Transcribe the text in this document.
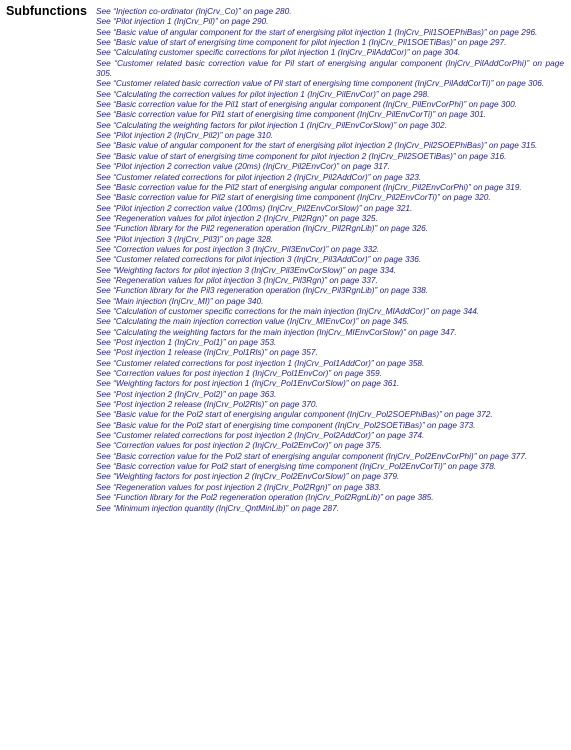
Subfunctions See “Injection co-ordinator (InjCrv_Co)” on page 280.
See “Pilot injection 1 (InjCrv_Pil)” on page 290.
See “Basic value of angular component for the start of energising pilot injection 1 (InjCrv_Pil1SOEPhiBas)” on page 296.
See “Basic value of start of energising time component for pilot injection 1 (InjCrv_Pil1SOETiBas)” on page 297.
See “Calculating customer specific corrections for pilot injection 1 (InjCrv_PilAddCor)” on page 304.
See “Customer related basic correction value for Pil start of energising angular component (InjCrv_PilAddCorPhi)” on page 305.
See “Customer related basic correction value of Pil start of energising time component (InjCrv_PilAddCorTi)” on page 306.
See “Calculating the correction values for pilot injection 1 (InjCrv_PilEnvCor)” on page 298.
See “Basic correction value for the Pil1 start of energising angular component (InjCrv_PilEnvCorPhi)” on page 300.
See “Basic correction value for Pil1 start of energising time component (InjCrv_PilEnvCorTi)” on page 301.
See “Calculating the weighting factors for pilot injection 1 (InjCrv_PilEnvCorSlow)” on page 302.
See “Pilot injection 2 (InjCrv_Pil2)” on page 310.
See “Basic value of angular component for the start of energising pilot injection 2 (InjCrv_Pil2SOEPhiBas)” on page 315.
See “Basic value of start of energising time component for pilot injection 2 (InjCrv_Pil2SOETiBas)” on page 316.
See “Pilot injection 2 correction value (20ms) (InjCrv_Pil2EnvCor)” on page 317.
See “Customer related corrections for pilot injection 2 (InjCrv_Pil2AddCor)” on page 323.
See “Basic correction value for the Pil2 start of energising angular component (InjCrv_Pil2EnvCorPhi)” on page 319.
See “Basic correction value for Pil2 start of energising time component (InjCrv_Pil2EnvCorTi)” on page 320.
See “Pilot injection 2 correction value (100ms) (InjCrv_Pil2EnvCorSlow)” on page 321.
See “Regeneration values for pilot injection 2 (InjCrv_Pil2Rgn)” on page 325.
See “Function library for the Pil2 regeneration operation (InjCrv_Pil2RgnLib)” on page 326.
See “Pilot injection 3 (InjCrv_Pil3)” on page 328.
See “Correction values for post injection 3 (InjCrv_Pil3EnvCor)” on page 332.
See “Customer related corrections for pilot injection 3 (InjCrv_Pil3AddCor)” on page 336.
See “Weighting factors for pilot injection 3 (InjCrv_Pil3EnvCorSlow)” on page 334.
See “Regeneration values for pilot injection 3 (InjCrv_Pil3Rgn)” on page 337.
See “Function library for the Pil3 regeneration operation (InjCrv_Pil3RgnLib)” on page 338.
See “Main injection (InjCrv_MI)” on page 340.
See “Calculation of customer specific corrections for the main injection (InjCrv_MIAddCor)” on page 344.
See “Calculating the main injection correction value (InjCrv_MIEnvCor)” on page 345.
See “Calculating the weighting factors for the main injection (InjCrv_MIEnvCorSlow)” on page 347.
See “Post injection 1 (InjCrv_Pol1)” on page 353.
See “Post injection 1 release (InjCrv_Pol1Rls)” on page 357.
See “Customer related corrections for post injection 1 (InjCrv_Pol1AddCor)” on page 358.
See “Correction values for post injection 1 (InjCrv_Pol1EnvCor)” on page 359.
See “Weighting factors for post injection 1 (InjCrv_Pol1EnvCorSlow)” on page 361.
See “Post injection 2 (InjCrv_Pol2)” on page 363.
See “Post injection 2 release (InjCrv_Pol2Rls)” on page 370.
See “Basic value for the Pol2 start of energising angular component (InjCrv_Pol2SOEPhiBas)” on page 372.
See “Basic value for the Pol2 start of energising time component (InjCrv_Pol2SOETiBas)” on page 373.
See “Customer related corrections for post injection 2 (InjCrv_Pol2AddCor)” on page 374.
See “Correction values for post injection 2 (InjCrv_Pol2EnvCor)” on page 375.
See “Basic correction value for the Pol2 start of energising angular component (InjCrv_Pol2EnvCorPhi)” on page 377.
See “Basic correction value for Pol2 start of energising time component (InjCrv_Pol2EnvCorTi)” on page 378.
See “Weighting factors for post injection 2 (InjCrv_Pol2EnvCorSlow)” on page 379.
See “Regeneration values for post injection 2 (InjCrv_Pol2Rgn)” on page 383.
See “Function library for the Pol2 regeneration operation (InjCrv_Pol2RgnLib)” on page 385.
See “Minimum injection quantity (InjCrv_QntMinLib)” on page 287.
